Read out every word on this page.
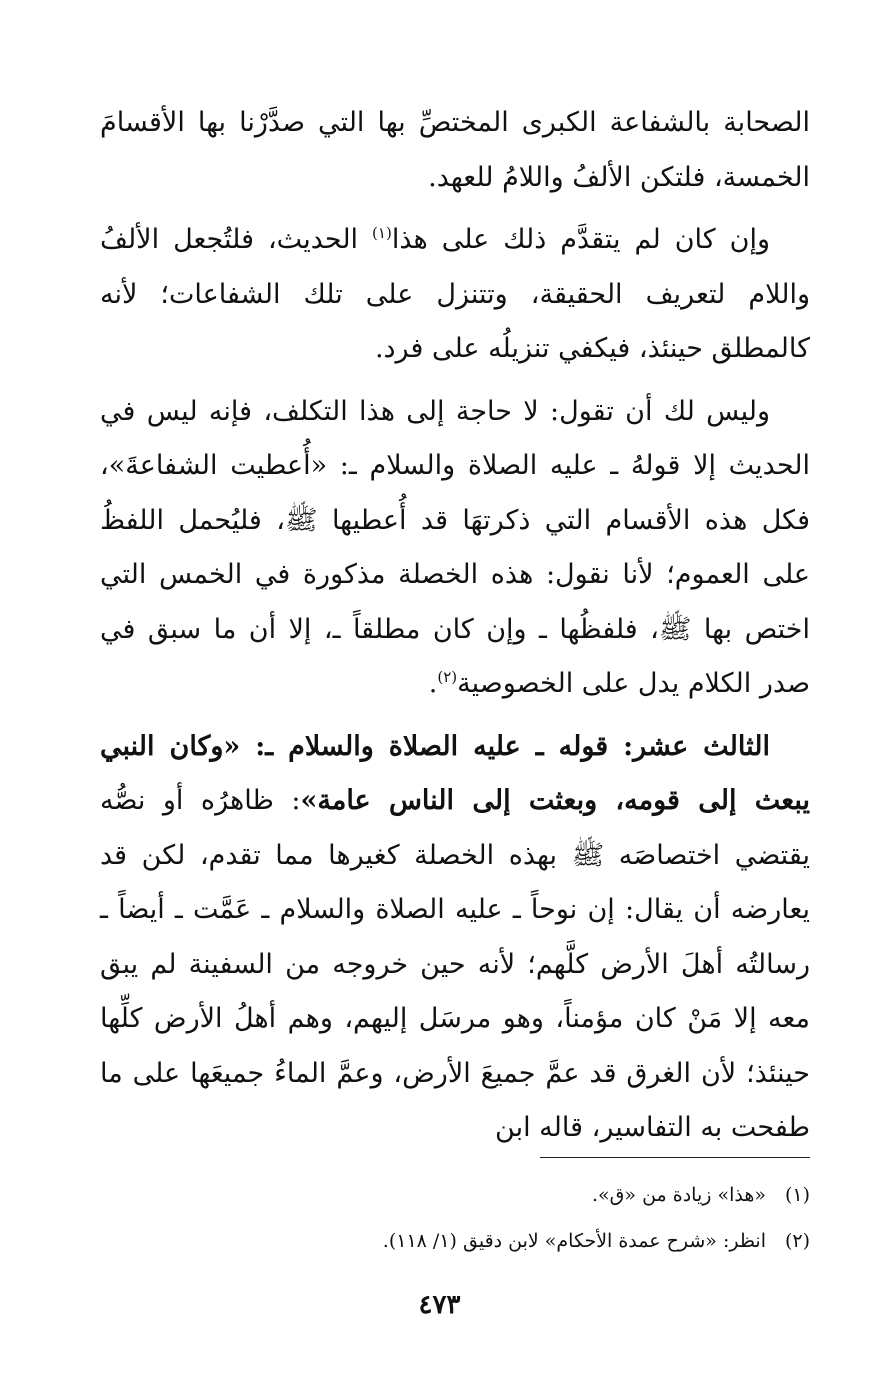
الصحابة بالشفاعة الكبرى المختصِّ بها التي صدَّرْنا بها الأقسامَ الخمسة، فلتكن الألفُ واللامُ للعهد.

وإن كان لم يتقدَّم ذلك على هذا$^{(١)}$ الحديث، فلتُجعل الألفُ واللام لتعريف الحقيقة، وتتنزل على تلك الشفاعات؛ لأنه كالمطلق حينئذ، فيكفي تنزيلُه على فرد.

وليس لك أن تقول: لا حاجة إلى هذا التكلف، فإنه ليس في الحديث إلا قولهُ ـ عليه الصلاة والسلام ـ: «أُعطيت الشفاعةَ»، فكل هذه الأقسام التي ذكرتهَا قد أُعطيها ﷺ، فليُحمل اللفظُ على العموم؛ لأنا نقول: هذه الخصلة مذكورة في الخمس التي اختص بها ﷺ، فلفظُها ـ وإن كان مطلقاً ـ، إلا أن ما سبق في صدر الكلام يدل على الخصوصية$^{(٢)}$.

الثالث عشر: قوله ـ عليه الصلاة والسلام ـ: «وكان النبي يبعث إلى قومه، وبعثت إلى الناس عامة»: ظاهرُه أو نصُّه يقتضي اختصاصَه ﷺ بهذه الخصلة كغيرها مما تقدم، لكن قد يعارضه أن يقال: إن نوحاً ـ عليه الصلاة والسلام ـ عَمَّت ـ أيضاً ـ رسالتُه أهلَ الأرض كلَّهم؛ لأنه حين خروجه من السفينة لم يبق معه إلا مَنْ كان مؤمناً، وهو مرسَل إليهم، وهم أهلُ الأرض كلِّها حينئذ؛ لأن الغرق قد عمَّ جميعَ الأرض، وعمَّ الماءُ جميعَها على ما طفحت به التفاسير، قاله ابن

(١)
«هذا» زيادة من «ق».
(٢)
انظر: «شرح عمدة الأحكام» لابن دقيق (١/ ١١٨).
٤٧٣
